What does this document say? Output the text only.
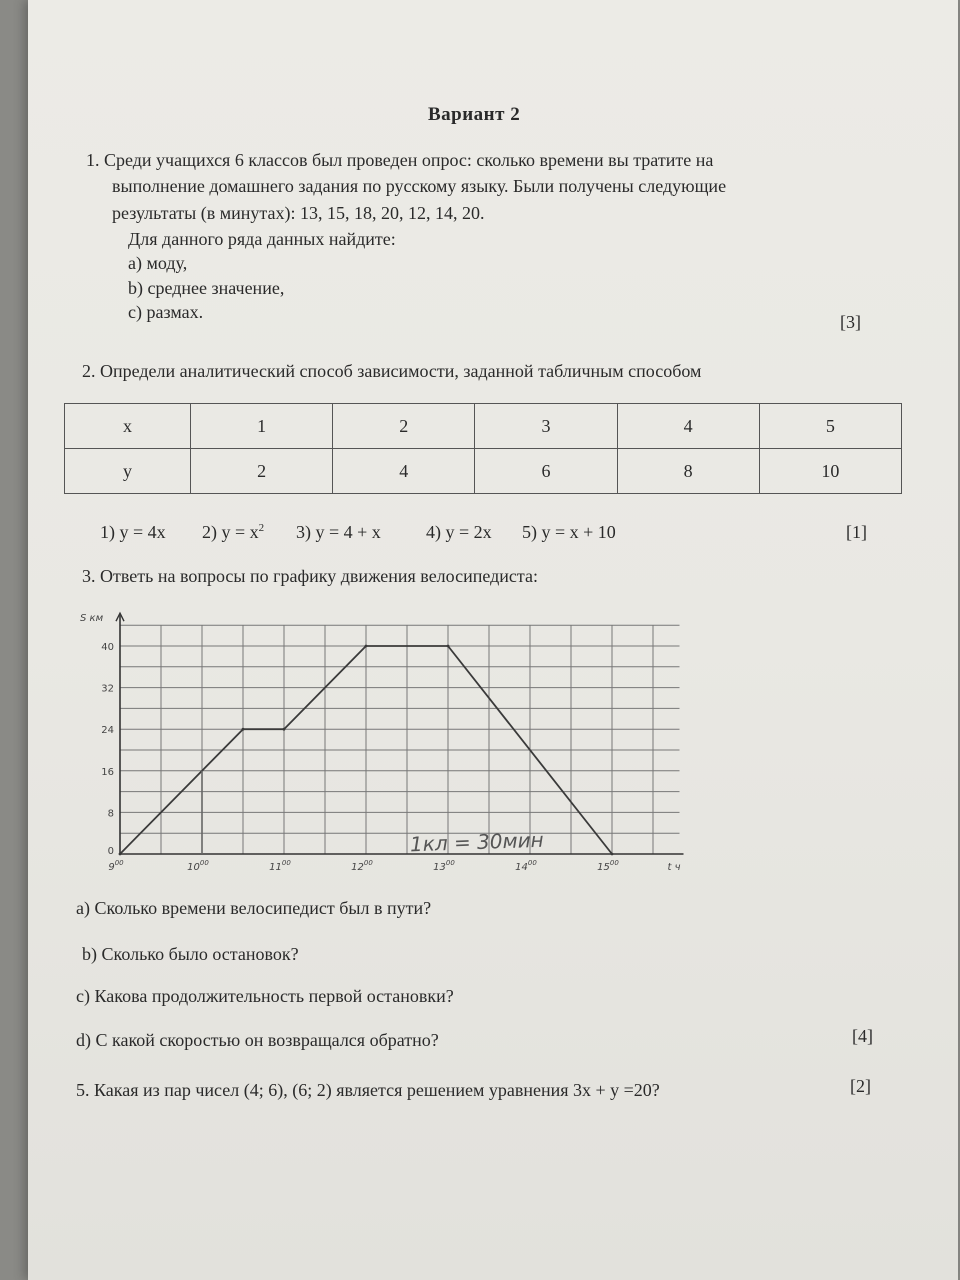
Вариант 2
1. Среди учащихся 6 классов был проведен опрос: сколько времени вы тратите на
выполнение домашнего задания по русскому языку. Были получены следующие
результаты (в минутах): 13, 15, 18, 20, 12, 14, 20.
Для данного ряда данных найдите:
a) моду,
b) среднее значение,
c) размах.	[3]
2. Определи аналитический способ зависимости, заданной табличным способом
x	1	2	3	4	5
y	2	4	6	8	10
1) y = 4x 2) $y = x^2$ 3) y = 4 + x	4) y = 2x 5) y = x + 10	[1]
3. Ответь на вопросы по графику движения велосипедиста:
0
8
16
24
32
40
S км
$9^{00}$	$10^{00}$	$11^{00}$	$12^{00}$	$13^{00}$	$14^{00}$	$15^{00}$	t ч
1кл = 30мин
a) Сколько времени велосипедист был в пути?
b) Сколько было остановок?
c) Какова продолжительность первой остановки?
d) С какой скоростью он возвращался обратно?	[4]
5. Какая из пар чисел (4; 6), (6; 2) является решением уравнения 3x + y =20?	[2]
